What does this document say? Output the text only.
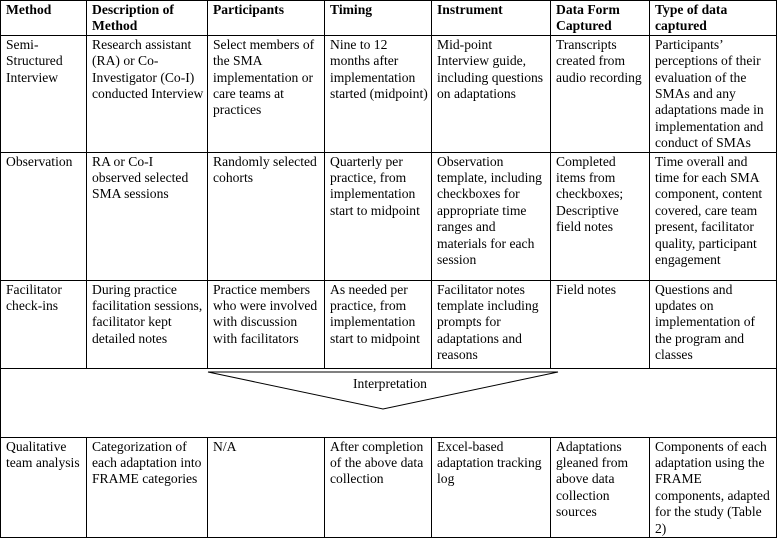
Method	Description of Method	Participants	Timing	Instrument	Data Form Captured	Type of data captured
Semi-Structured Interview	Research assistant (RA) or Co-Investigator (Co-I) conducted Interview	Select members of the SMA implementation or care teams at practices	Nine to 12 months after implementation started (midpoint)	Mid-point Interview guide, including questions on adaptations	Transcripts created from audio recording	Participants’ perceptions of their evaluation of the SMAs and any adaptations made in implementation and conduct of SMAs
Observation	RA or Co-I observed selected SMA sessions	Randomly selected cohorts	Quarterly per practice, from implementation start to midpoint	Observation template, including checkboxes for appropriate time ranges and materials for each session	Completed items from checkboxes; Descriptive field notes	Time overall and time for each SMA component, content covered, care team present, facilitator quality, participant engagement
Facilitator check-ins	During practice facilitation sessions, facilitator kept detailed notes	Practice members who were involved with discussion with facilitators	As needed per practice, from implementation start to midpoint	Facilitator notes template including prompts for adaptations and reasons	Field notes	Questions and updates on implementation of the program and classes

Interpretation						

Qualitative team analysis	Categorization of each adaptation into FRAME categories	N/A	After completion of the above data collection	Excel-based adaptation tracking log	Adaptations gleaned from above data collection sources	Components of each adaptation using the FRAME components, adapted for the study (Table 2)
